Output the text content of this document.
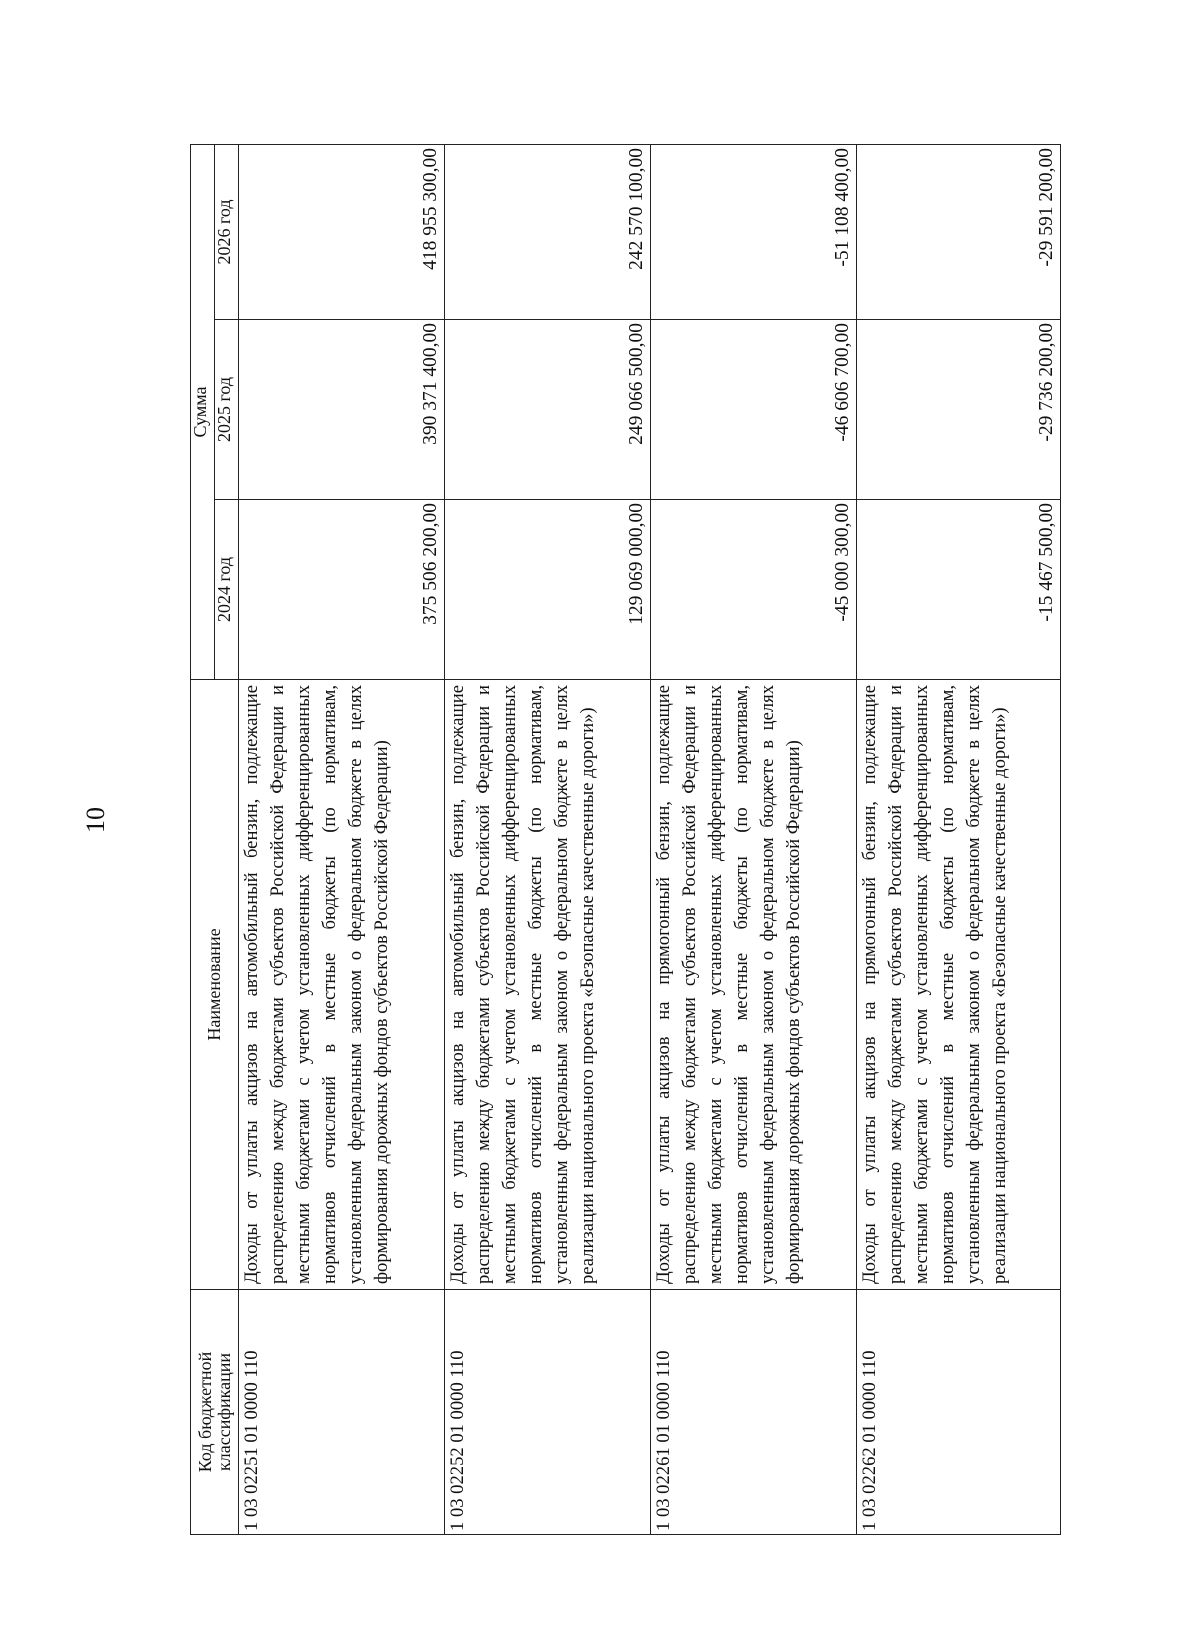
10
Код бюджетной классификации	Наименование	Сумма		
		2024 год	2025 год	2026 год
1 03 02251 01 0000 110	Доходы от уплаты акцизов на автомобильный бензин, подлежащие распределению между бюджетами субъектов Российской Федерации и местными бюджетами с учетом установленных дифференцированных нормативов отчислений в местные бюджеты (по нормативам, установленным федеральным законом о федеральном бюджете в целях формирования дорожных фондов субъектов Российской Федерации)	375 506 200,00	390 371 400,00	418 955 300,00
1 03 02252 01 0000 110	Доходы от уплаты акцизов на автомобильный бензин, подлежащие распределению между бюджетами субъектов Российской Федерации и местными бюджетами с учетом установленных дифференцированных нормативов отчислений в местные бюджеты (по нормативам, установленным федеральным законом о федеральном бюджете в целях реализации национального проекта «Безопасные качественные дороги»)	129 069 000,00	249 066 500,00	242 570 100,00
1 03 02261 01 0000 110	Доходы от уплаты акцизов на прямогонный бензин, подлежащие распределению между бюджетами субъектов Российской Федерации и местными бюджетами с учетом установленных дифференцированных нормативов отчислений в местные бюджеты (по нормативам, установленным федеральным законом о федеральном бюджете в целях формирования дорожных фондов субъектов Российской Федерации)	-45 000 300,00	-46 606 700,00	-51 108 400,00
1 03 02262 01 0000 110	Доходы от уплаты акцизов на прямогонный бензин, подлежащие распределению между бюджетами субъектов Российской Федерации и местными бюджетами с учетом установленных дифференцированных нормативов отчислений в местные бюджеты (по нормативам, установленным федеральным законом о федеральном бюджете в целях реализации национального проекта «Безопасные качественные дороги»)	-15 467 500,00	-29 736 200,00	-29 591 200,00
